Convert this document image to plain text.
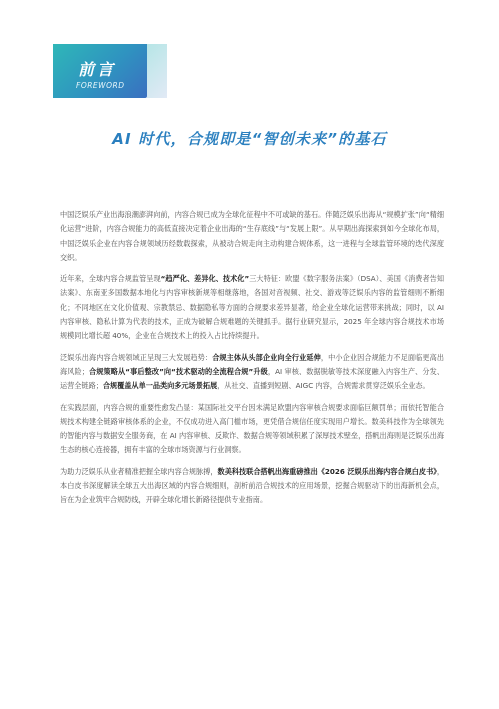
前言
FOREWORD
AI 时代，合规即是“智创未来”的基石

中国泛娱乐产业出海浪潮澎湃向前，内容合规已成为全球化征程中不可或缺的基石。伴随泛娱乐出海从“规模扩张”向“精细化运营”进阶，内容合规能力的高低直接决定着企业出海的“生存底线”与“发展上限”。从早期出海探索到如今全球化布局，中国泛娱乐企业在内容合规领域历经数载探索，从被动合规走向主动构建合规体系，这一进程与全球监管环境的迭代深度交织。

近年来，全球内容合规监管呈现“趋严化、差异化、技术化”三大特征：欧盟《数字服务法案》（DSA）、美国《消费者告知法案》、东南亚多国数据本地化与内容审核新规等相继落地，各国对音视频、社交、游戏等泛娱乐内容的监管细则不断细化；不同地区在文化价值观、宗教禁忌、数据隐私等方面的合规要求差异显著，给企业全球化运营带来挑战；同时，以 AI 内容审核、隐私计算为代表的技术，正成为破解合规难题的关键抓手。据行业研究显示，2025 年全球内容合规技术市场规模同比增长超 40%，企业在合规技术上的投入占比持续提升。

泛娱乐出海内容合规领域正呈现三大发展趋势：合规主体从头部企业向全行业延伸，中小企业因合规能力不足面临更高出海风险；合规策略从“事后整改”向“技术驱动的全流程合规”升级，AI 审核、数据脱敏等技术深度融入内容生产、分发、运营全链路；合规覆盖从单一品类向多元场景拓展，从社交、直播到短剧、AIGC 内容，合规需求贯穿泛娱乐全业态。

在实践层面，内容合规的重要性愈发凸显：某国际社交平台因未满足欧盟内容审核合规要求面临巨额罚单；而依托智能合规技术构建全链路审核体系的企业，不仅成功进入高门槛市场，更凭借合规信任度实现用户增长。数美科技作为全球领先的智能内容与数据安全服务商，在 AI 内容审核、反欺诈、数据合规等领域积累了深厚技术壁垒，搭帆出海则是泛娱乐出海生态的核心连接器，拥有丰富的全球市场资源与行业洞察。

为助力泛娱乐从业者精准把握全球内容合规脉搏，数美科技联合搭帆出海重磅推出《2026 泛娱乐出海内容合规白皮书》，本白皮书深度解读全球五大出海区域的内容合规细则，剖析前沿合规技术的应用场景，挖掘合规驱动下的出海新机会点，旨在为企业筑牢合规防线，开辟全球化增长新路径提供专业指南。
